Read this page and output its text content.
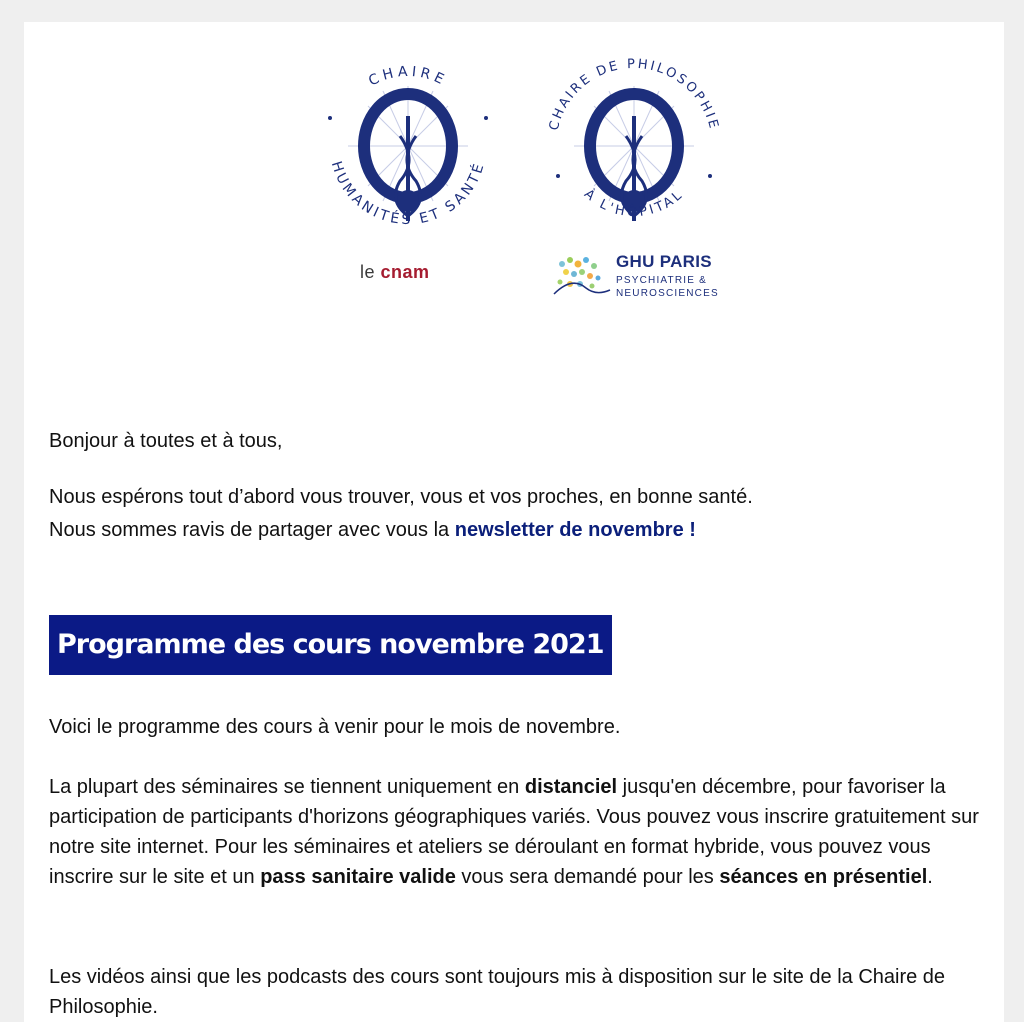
CHAIRE
HUMANITÉS ET SANTÉ
le cnam
CHAIRE DE PHILOSOPHIE
À L'HÔPITAL
GHU PARIS
PSYCHIATRIE &
NEUROSCIENCES
Bonjour à toutes et à tous,
Nous espérons tout d’abord vous trouver, vous et vos proches, en bonne santé.
Nous sommes ravis de partager avec vous la newsletter de novembre !
Programme des cours novembre 2021
Voici le programme des cours à venir pour le mois de novembre.
La plupart des séminaires se tiennent uniquement en distanciel jusqu'en décembre, pour favoriser la participation de participants d'horizons géographiques variés. Vous pouvez vous inscrire gratuitement sur notre site internet. Pour les séminaires et ateliers se déroulant en format hybride, vous pouvez vous inscrire sur le site et un pass sanitaire valide vous sera demandé pour les séances en présentiel.
Les vidéos ainsi que les podcasts des cours sont toujours mis à disposition sur le site de la Chaire de Philosophie.
